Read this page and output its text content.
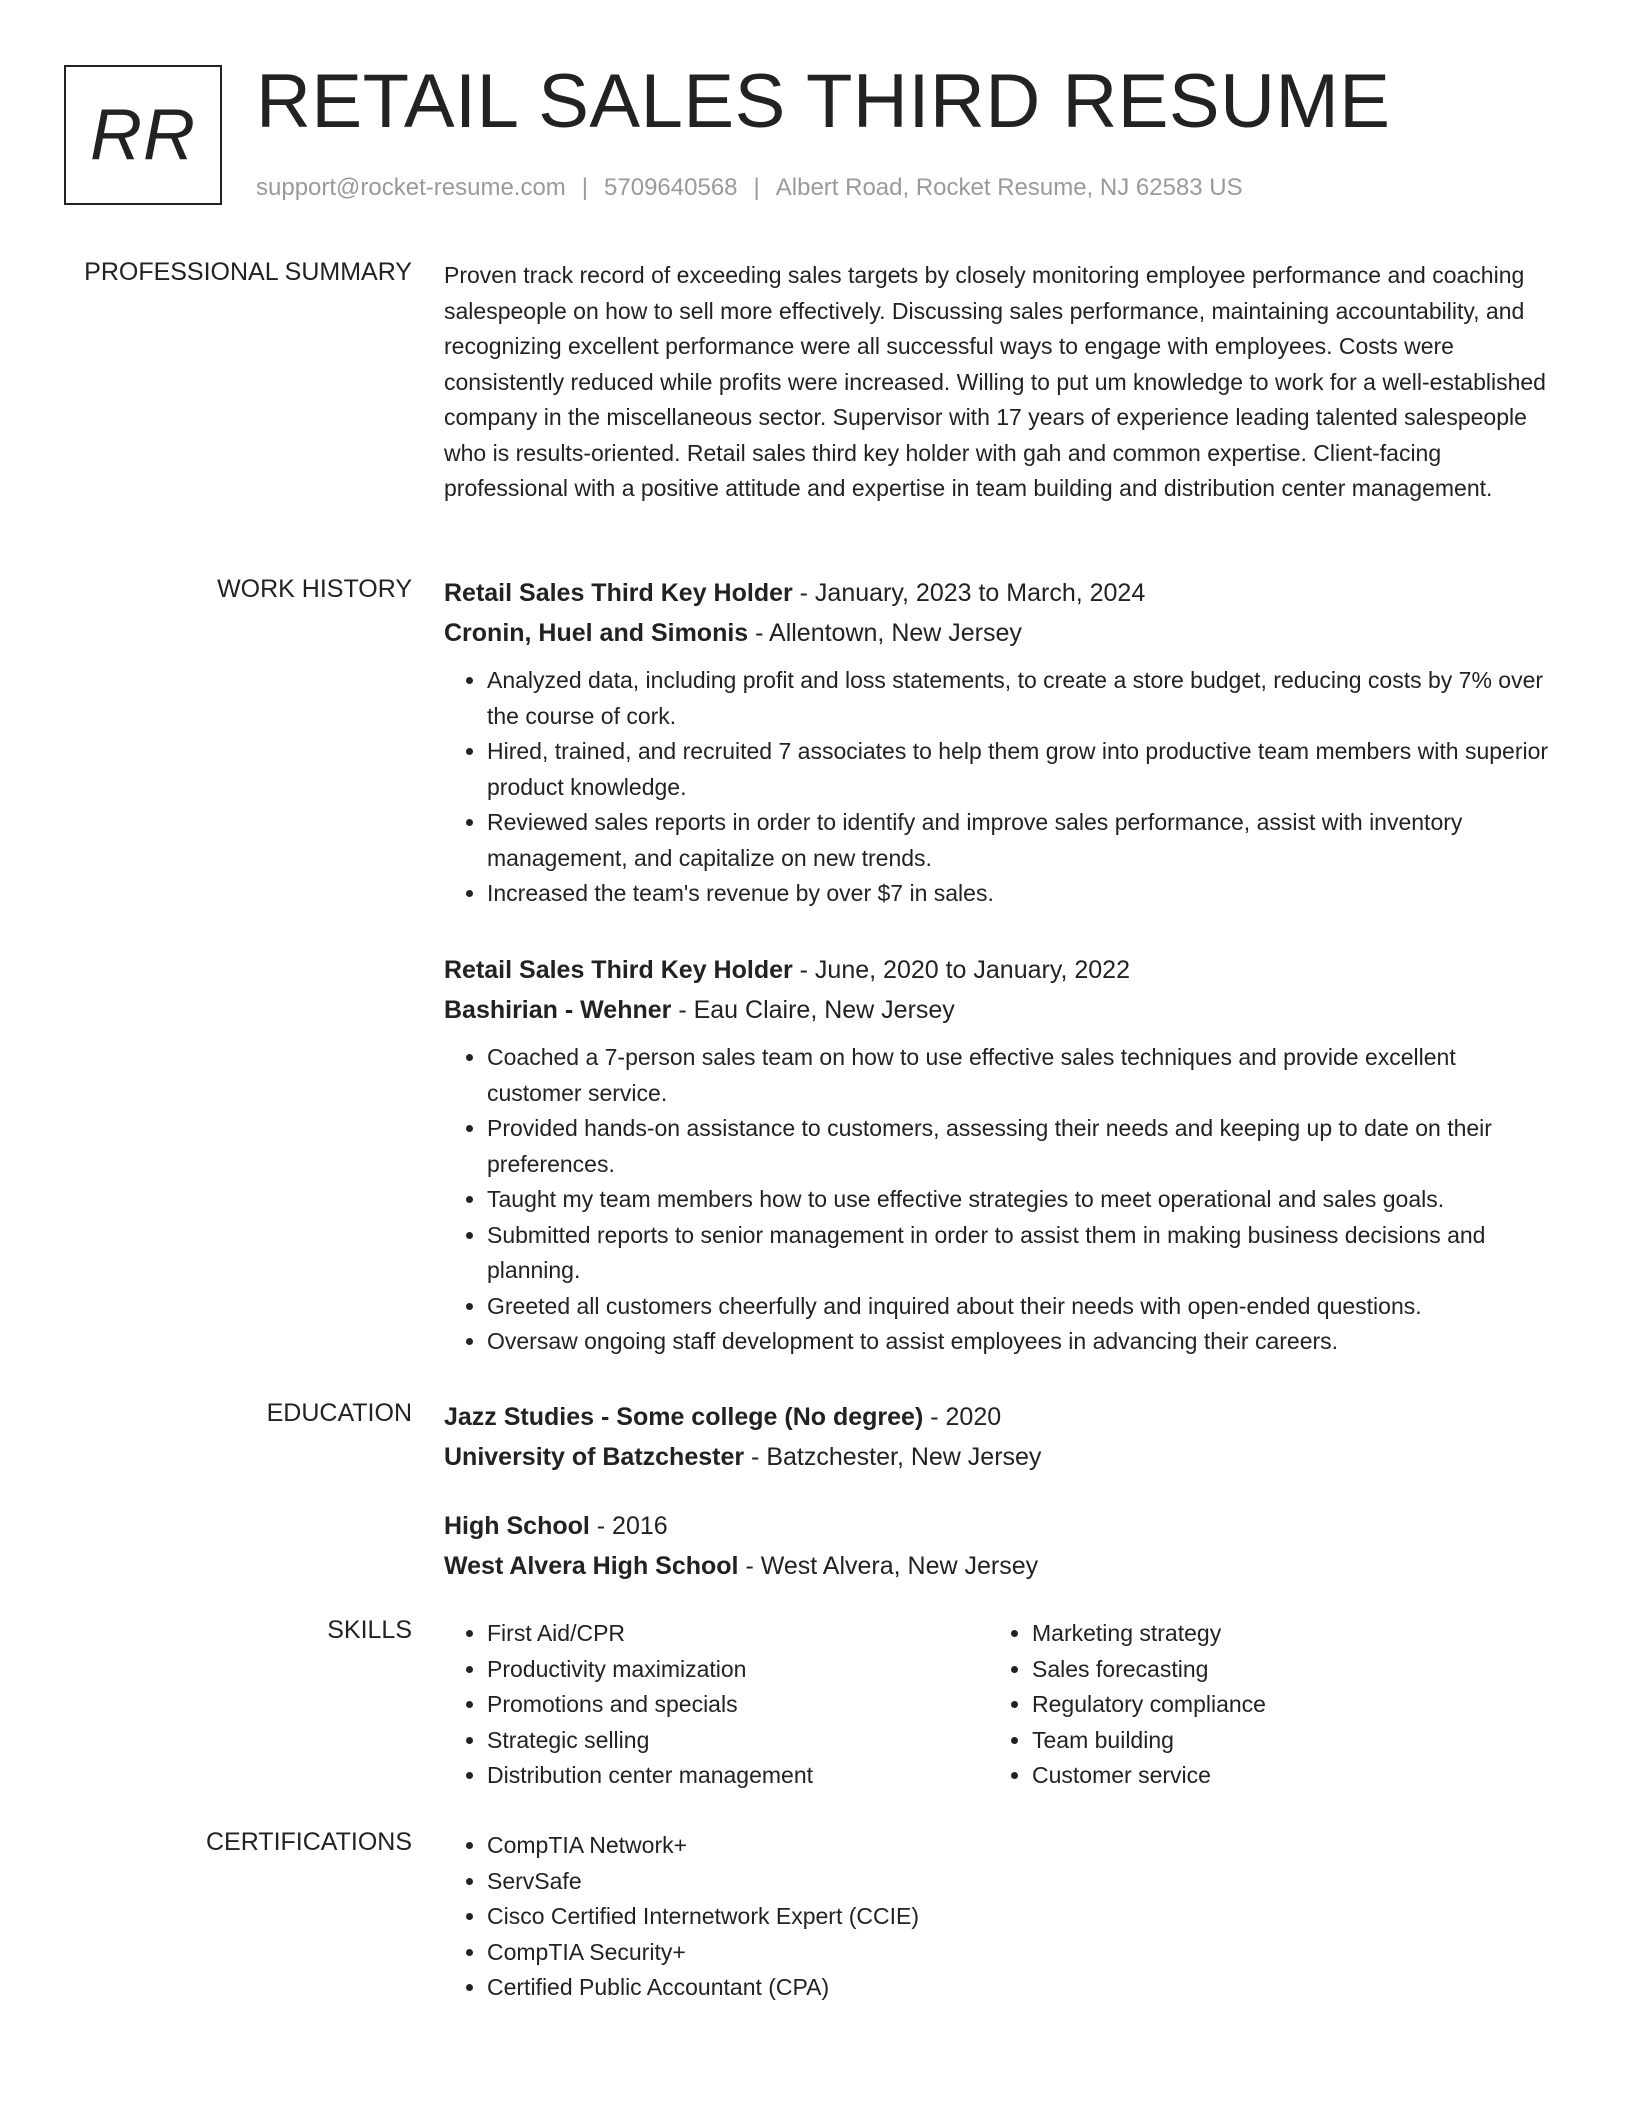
RR RETAIL SALES THIRD RESUME
support@rocket-resume.com | 5709640568 | Albert Road, Rocket Resume, NJ 62583 US
PROFESSIONAL SUMMARY Proven track record of exceeding sales targets by closely monitoring employee performance and coaching salespeople on how to sell more effectively. Discussing sales performance, maintaining accountability, and recognizing excellent performance were all successful ways to engage with employees. Costs were consistently reduced while profits were increased. Willing to put um knowledge to work for a well-established company in the miscellaneous sector. Supervisor with 17 years of experience leading talented salespeople who is results-oriented. Retail sales third key holder with gah and common expertise. Client-facing professional with a positive attitude and expertise in team building and distribution center management.
WORK HISTORY Retail Sales Third Key Holder - January, 2023 to March, 2024
Cronin, Huel and Simonis - Allentown, New Jersey
• Analyzed data, including profit and loss statements, to create a store budget, reducing costs by 7% over the course of cork.
• Hired, trained, and recruited 7 associates to help them grow into productive team members with superior product knowledge.
• Reviewed sales reports in order to identify and improve sales performance, assist with inventory management, and capitalize on new trends.
• Increased the team's revenue by over $7 in sales.
Retail Sales Third Key Holder - June, 2020 to January, 2022
Bashirian - Wehner - Eau Claire, New Jersey
• Coached a 7-person sales team on how to use effective sales techniques and provide excellent customer service.
• Provided hands-on assistance to customers, assessing their needs and keeping up to date on their preferences.
• Taught my team members how to use effective strategies to meet operational and sales goals.
• Submitted reports to senior management in order to assist them in making business decisions and planning.
• Greeted all customers cheerfully and inquired about their needs with open-ended questions.
• Oversaw ongoing staff development to assist employees in advancing their careers.
EDUCATION Jazz Studies - Some college (No degree) - 2020
University of Batzchester - Batzchester, New Jersey
High School - 2016
West Alvera High School - West Alvera, New Jersey
SKILLS	• First Aid/CPR
• Productivity maximization
• Promotions and specials
• Strategic selling
• Distribution center management
• Marketing strategy
• Sales forecasting
• Regulatory compliance
• Team building
• Customer service
CERTIFICATIONS	• CompTIA Network+
• ServSafe
• Cisco Certified Internetwork Expert (CCIE)
• CompTIA Security+
• Certified Public Accountant (CPA)
